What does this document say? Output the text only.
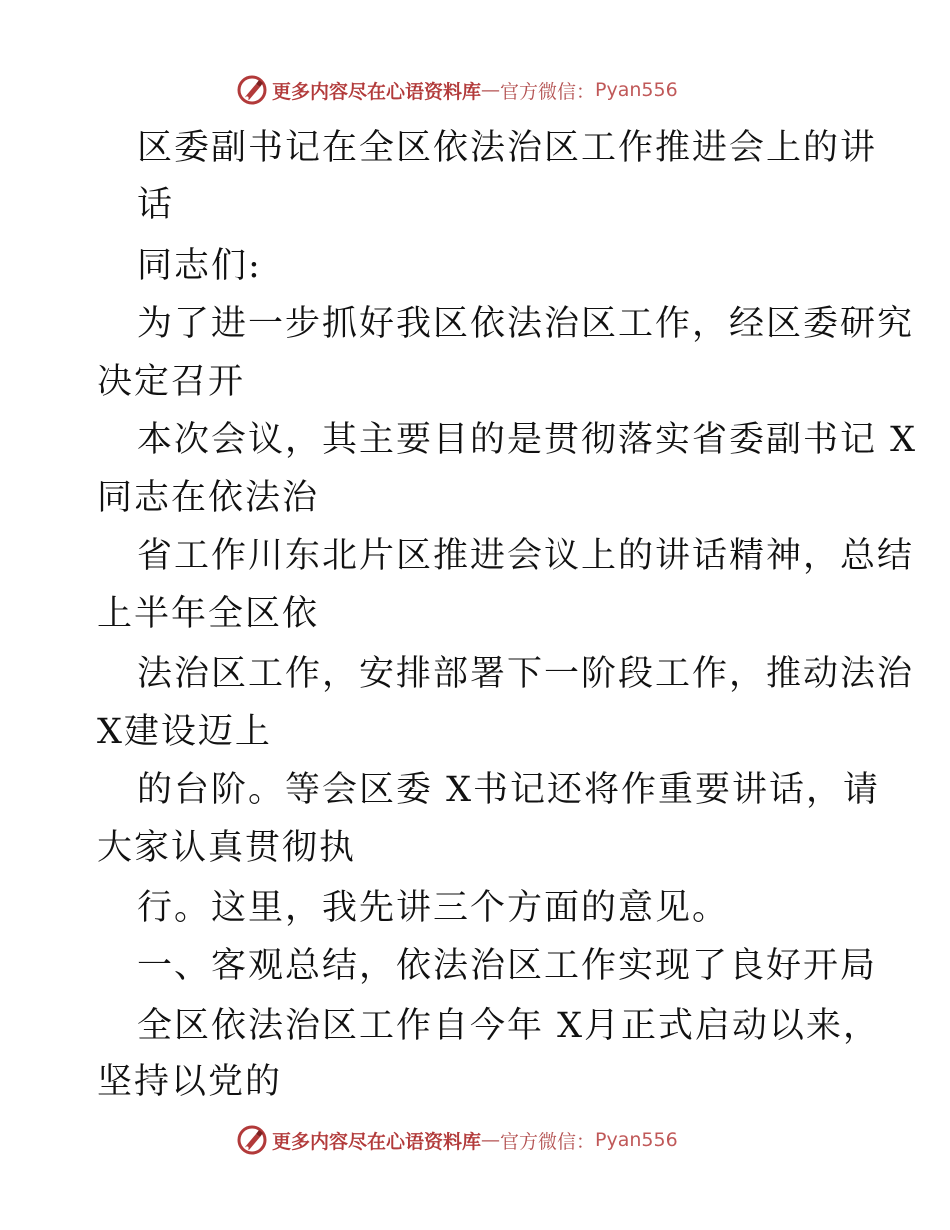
更多内容尽在心语资料库 — 官方微信： Pyan556
区委副书记在全区依法治区工作推进会上的讲
话
同志们:
为了进一步抓好我区依法治区工作，经区委研究
决定召开
本次会议，其主要目的是贯彻落实省委副书记 X
同志在依法治
省工作川东北片区推进会议上的讲话精神，总结
上半年全区依
法治区工作，安排部署下一阶段工作，推动法治
X建设迈上
的台阶。等会区委 X书记还将作重要讲话，请
大家认真贯彻执
行。这里，我先讲三个方面的意见。
一、客观总结，依法治区工作实现了良好开局
全区依法治区工作自今年 X月正式启动以来，
坚持以党的
更多内容尽在心语资料库 — 官方微信： Pyan556
